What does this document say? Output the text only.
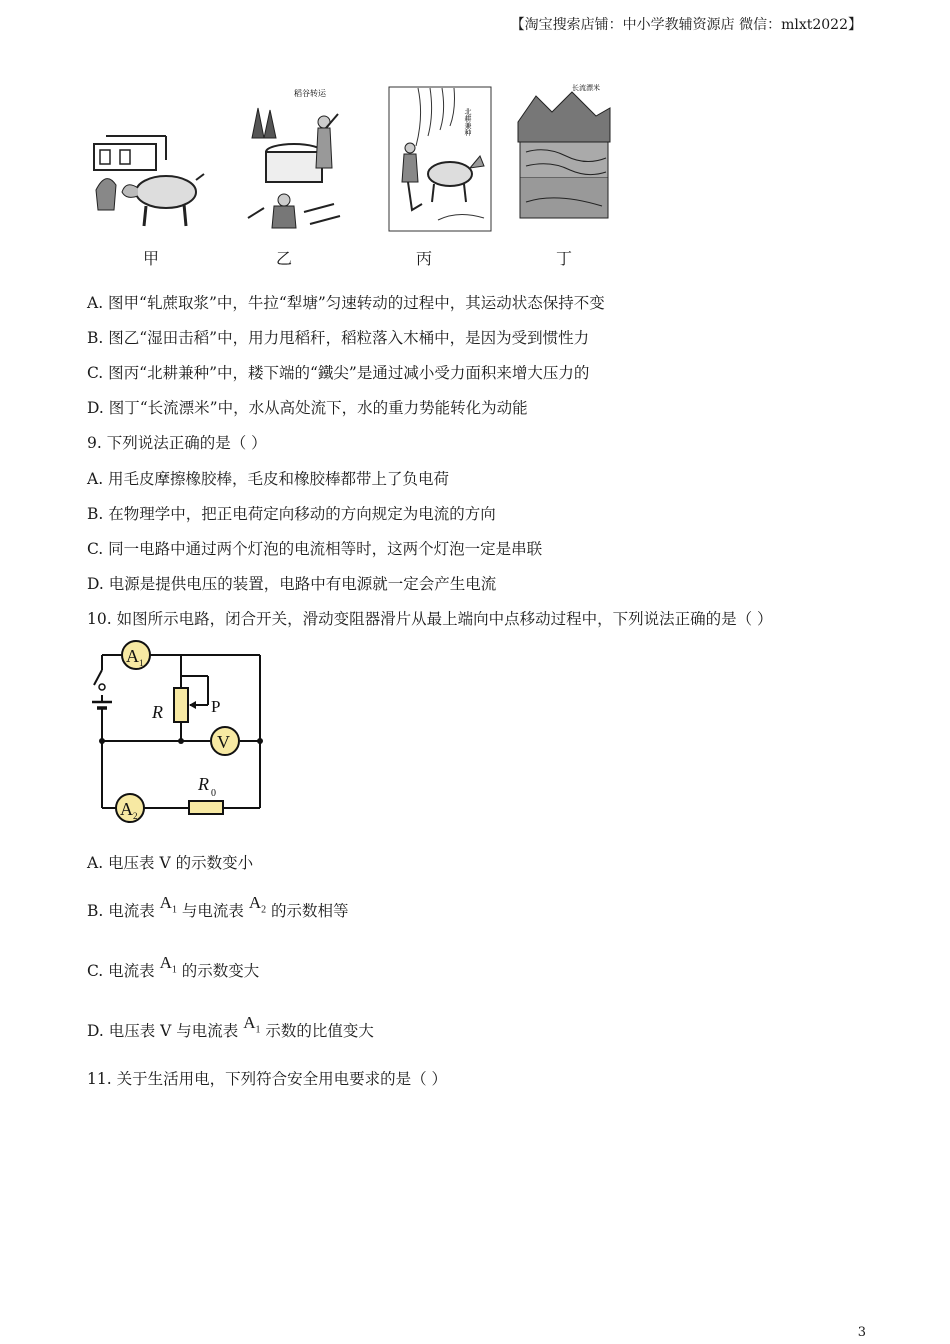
【淘宝搜索店铺：中小学教辅资源店 微信：mlxt2022】
稻谷转运
北耕兼种
长流漂米
甲	乙	丙	丁
A. 图甲“轧蔗取浆”中，牛拉“犁塘”匀速转动的过程中，其运动状态保持不变
B. 图乙“湿田击稻”中，用力甩稻秆，稻粒落入木桶中，是因为受到惯性力
C. 图丙“北耕兼种”中，耧下端的“鐵尖”是通过减小受力面积来增大压力的
D. 图丁“长流漂米”中，水从高处流下，水的重力势能转化为动能
9. 下列说法正确的是（ ）
A. 用毛皮摩擦橡胶棒，毛皮和橡胶棒都带上了负电荷
B. 在物理学中，把正电荷定向移动的方向规定为电流的方向
C. 同一电路中通过两个灯泡的电流相等时，这两个灯泡一定是串联
D. 电源是提供电压的装置，电路中有电源就一定会产生电流
10. 如图所示电路，闭合开关，滑动变阻器滑片从最上端向中点移动过程中，下列说法正确的是（ ）
A 1
V
A 2
R	P
R 0
A. 电压表 V 的示数变小
B. 电流表 $A_1$ 与电流表 $A_2$ 的示数相等
C. 电流表 $A_1$ 的示数变大
D. 电压表 V 与电流表 $A_1$ 示数的比值变大
11. 关于生活用电，下列符合安全用电要求的是（ ）
3
